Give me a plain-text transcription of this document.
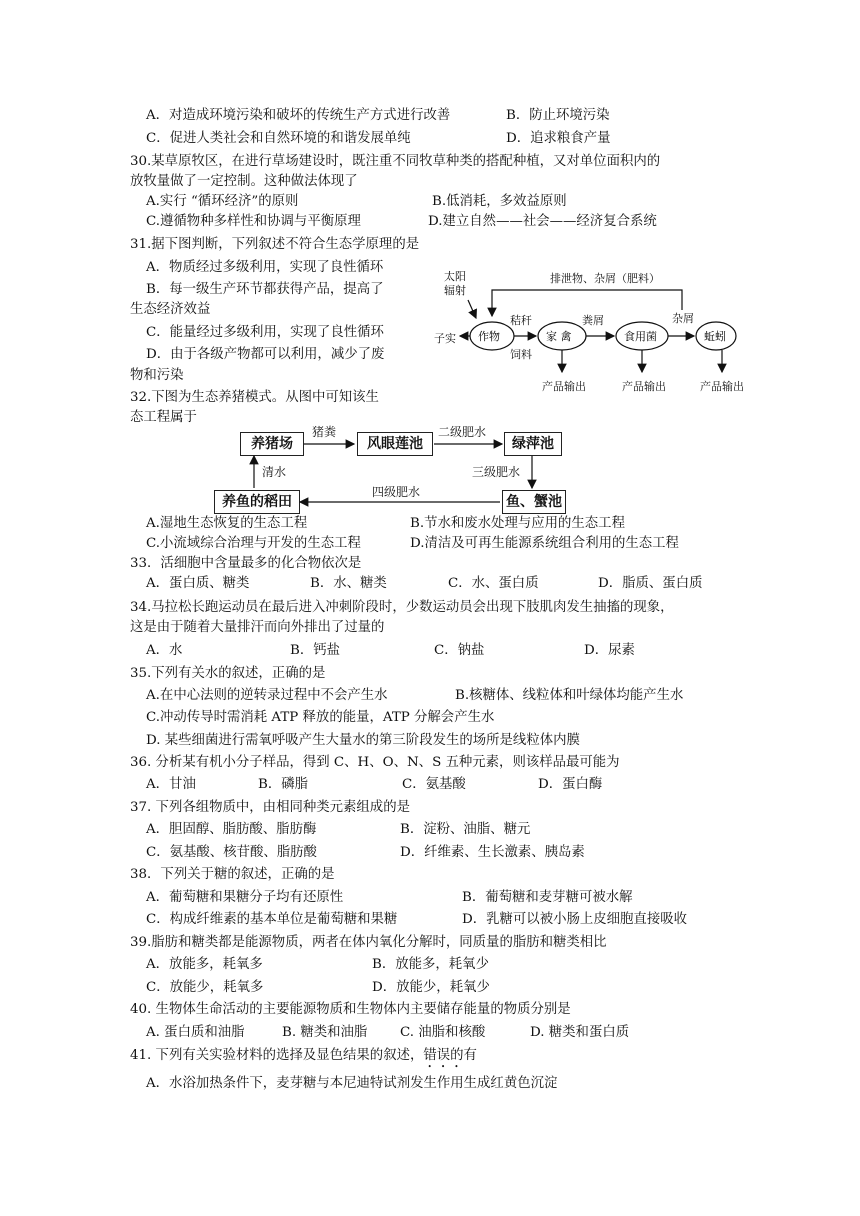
A．对造成环境污染和破坏的传统生产方式进行改善	B．防止环境污染
C．促进人类社会和自然环境的和谐发展单纯	D．追求粮食产量
30.某草原牧区，在进行草场建设时，既注重不同牧草种类的搭配种植，又对单位面积内的
放牧量做了一定控制。这种做法体现了
A.实行 “循环经济”的原则	B.低消耗，多效益原则
C.遵循物种多样性和协调与平衡原理	D.建立自然——社会——经济复合系统
31.据下图判断，下列叙述不符合生态学原理的是
A．物质经过多级利用，实现了良性循环
B．每一级生产环节都获得产品，提高了
生态经济效益
C．能量经过多级利用，实现了良性循环
D．由于各级产物都可以利用，减少了废
物和污染
太阳
辐射
排泄物、杂屑（肥料）
子实
秸秆
饲料
粪屑	杂屑
产品输出	产品输出	产品输出
作物	家 禽	食用菌	蚯蚓
32.下图为生态养猪模式。从图中可知该生
态工程属于
养猪场	风眼莲池	绿萍池
鱼、蟹池
养鱼的稻田
猪粪	二级肥水
三级肥水
四级肥水
清水
A.湿地生态恢复的生态工程	B.节水和废水处理与应用的生态工程
C.小流域综合治理与开发的生态工程	D.清洁及可再生能源系统组合利用的生态工程
33．活细胞中含量最多的化合物依次是
A．蛋白质、糖类	B．水、糖类	C．水、蛋白质	D．脂质、蛋白质
34.马拉松长跑运动员在最后进入冲刺阶段时，少数运动员会出现下肢肌肉发生抽搐的现象，
这是由于随着大量排汗而向外排出了过量的
A．水	B．钙盐	C．钠盐	D．尿素
35.下列有关水的叙述，正确的是
A.在中心法则的逆转录过程中不会产生水	B.核糖体、线粒体和叶绿体均能产生水
C.冲动传导时需消耗 ATP 释放的能量，ATP 分解会产生水
D. 某些细菌进行需氧呼吸产生大量水的第三阶段发生的场所是线粒体内膜
36. 分析某有机小分子样品，得到 C、H、O、N、S 五种元素，则该样品最可能为
A．甘油	B．磷脂	C．氨基酸	D．蛋白酶
37. 下列各组物质中，由相同种类元素组成的是
A．胆固醇、脂肪酸、脂肪酶	B．淀粉、油脂、糖元
C．氨基酸、核苷酸、脂肪酸	D．纤维素、生长激素、胰岛素
38．下列关于糖的叙述，正确的是
A．葡萄糖和果糖分子均有还原性	B．葡萄糖和麦芽糖可被水解
C．构成纤维素的基本单位是葡萄糖和果糖	D．乳糖可以被小肠上皮细胞直接吸收
39.脂肪和糖类都是能源物质，两者在体内氧化分解时，同质量的脂肪和糖类相比
A．放能多，耗氧多	B．放能多，耗氧少
C．放能少，耗氧多	D．放能少，耗氧少
40. 生物体生命活动的主要能源物质和生物体内主要储存能量的物质分别是
A. 蛋白质和油脂	B. 糖类和油脂 C. 油脂和核酸	D. 糖类和蛋白质
41. 下列有关实验材料的选择及显色结果的叙述，错误的有
A．水浴加热条件下，麦芽糖与本尼迪特试剂发生作用生成红黄色沉淀
